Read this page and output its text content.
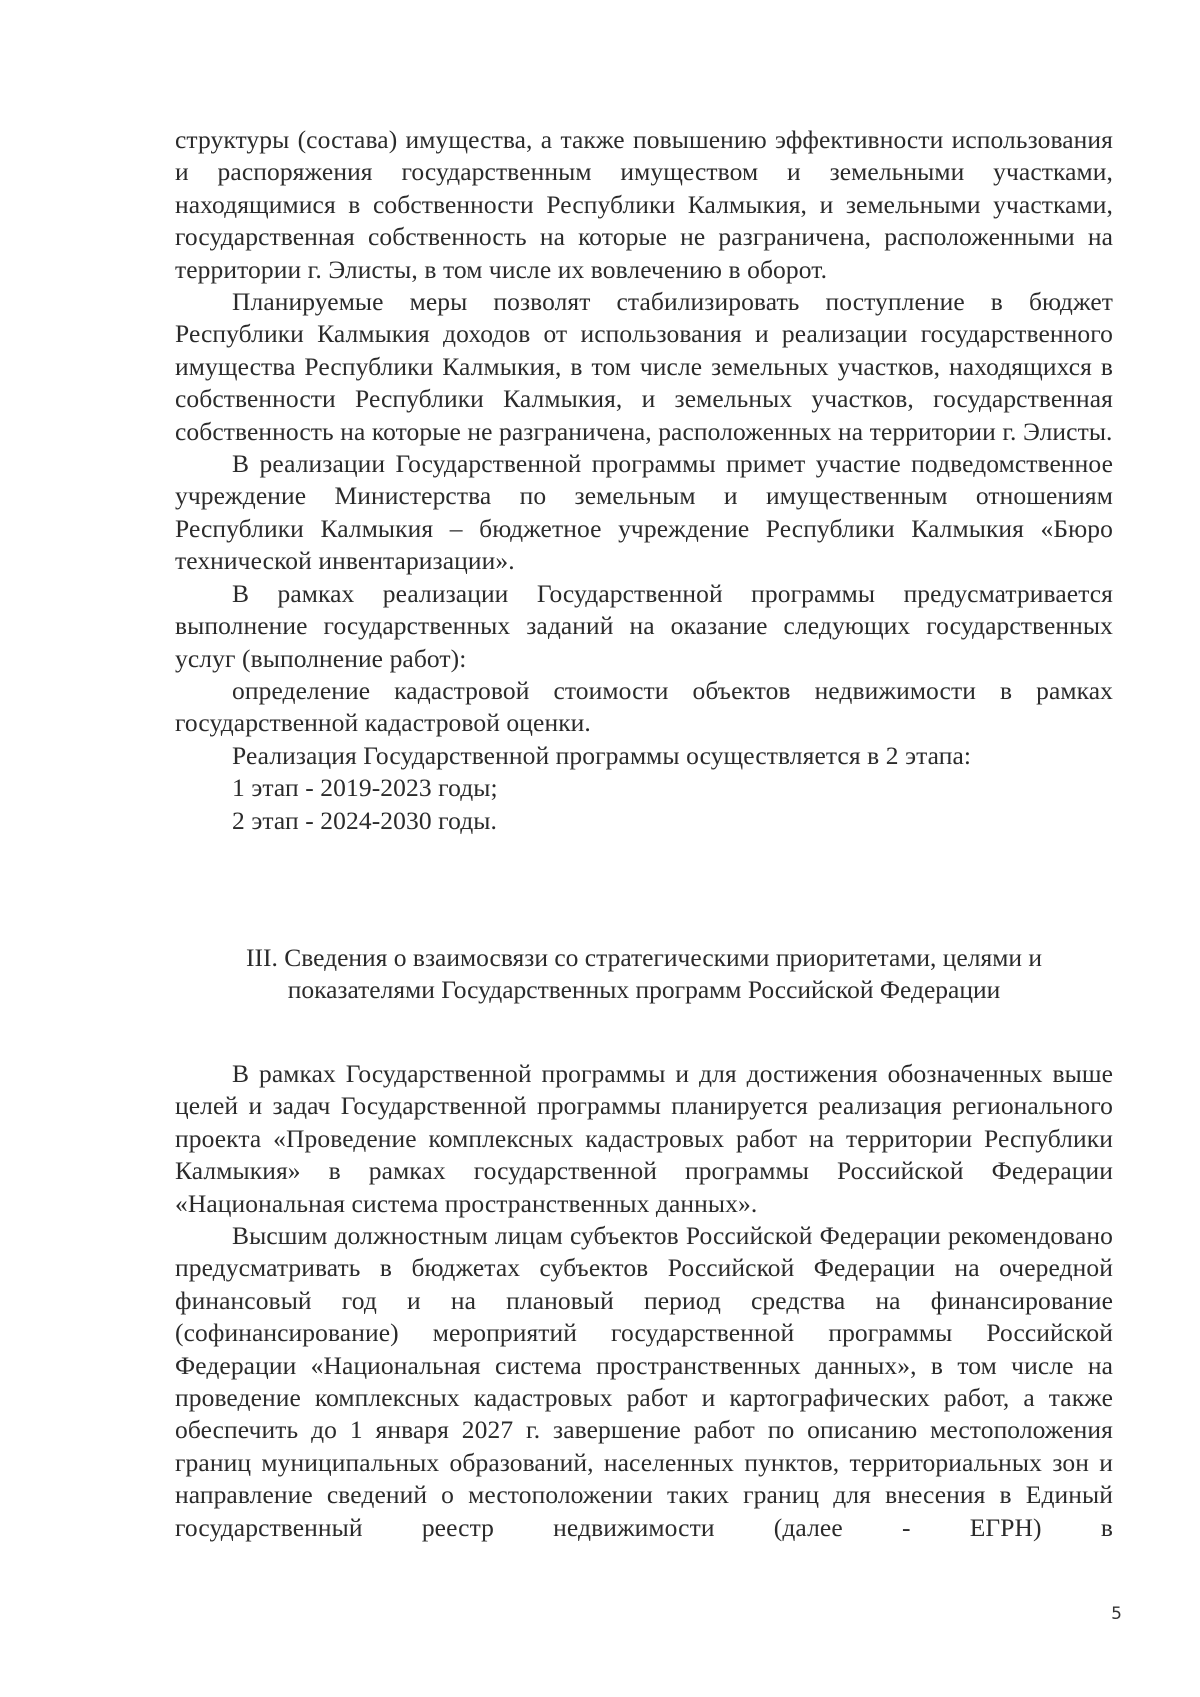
структуры (состава) имущества, а также повышению эффективности использования и распоряжения государственным имуществом и земельными участками, находящимися в собственности Республики Калмыкия, и земельными участками, государственная собственность на которые не разграничена, расположенными на территории г. Элисты, в том числе их вовлечению в оборот.

Планируемые меры позволят стабилизировать поступление в бюджет Республики Калмыкия доходов от использования и реализации государственного имущества Республики Калмыкия, в том числе земельных участков, находящихся в собственности Республики Калмыкия, и земельных участков, государственная собственность на которые не разграничена, расположенных на территории г. Элисты.

В реализации Государственной программы примет участие подведомственное учреждение Министерства по земельным и имущественным отношениям Республики Калмыкия – бюджетное учреждение Республики Калмыкия «Бюро технической инвентаризации».

В рамках реализации Государственной программы предусматривается выполнение государственных заданий на оказание следующих государственных услуг (выполнение работ):

определение кадастровой стоимости объектов недвижимости в рамках государственной кадастровой оценки.

Реализация Государственной программы осуществляется в 2 этапа:

1 этап - 2019-2023 годы;

2 этап - 2024-2030 годы.

III. Сведения о взаимосвязи со стратегическими приоритетами, целями и
показателями Государственных программ Российской Федерации

В рамках Государственной программы и для достижения обозначенных выше целей и задач Государственной программы планируется реализация регионального проекта «Проведение комплексных кадастровых работ на территории Республики Калмыкия» в рамках государственной программы Российской Федерации «Национальная система пространственных данных».

Высшим должностным лицам субъектов Российской Федерации рекомендовано предусматривать в бюджетах субъектов Российской Федерации на очередной финансовый год и на плановый период средства на финансирование (софинансирование) мероприятий государственной программы Российской Федерации «Национальная система пространственных данных», в том числе на проведение комплексных кадастровых работ и картографических работ, а также обеспечить до 1 января 2027 г. завершение работ по описанию местоположения границ муниципальных образований, населенных пунктов, территориальных зон и направление сведений о местоположении таких границ для внесения в Единый государственный реестр недвижимости (далее - ЕГРН) в

5
